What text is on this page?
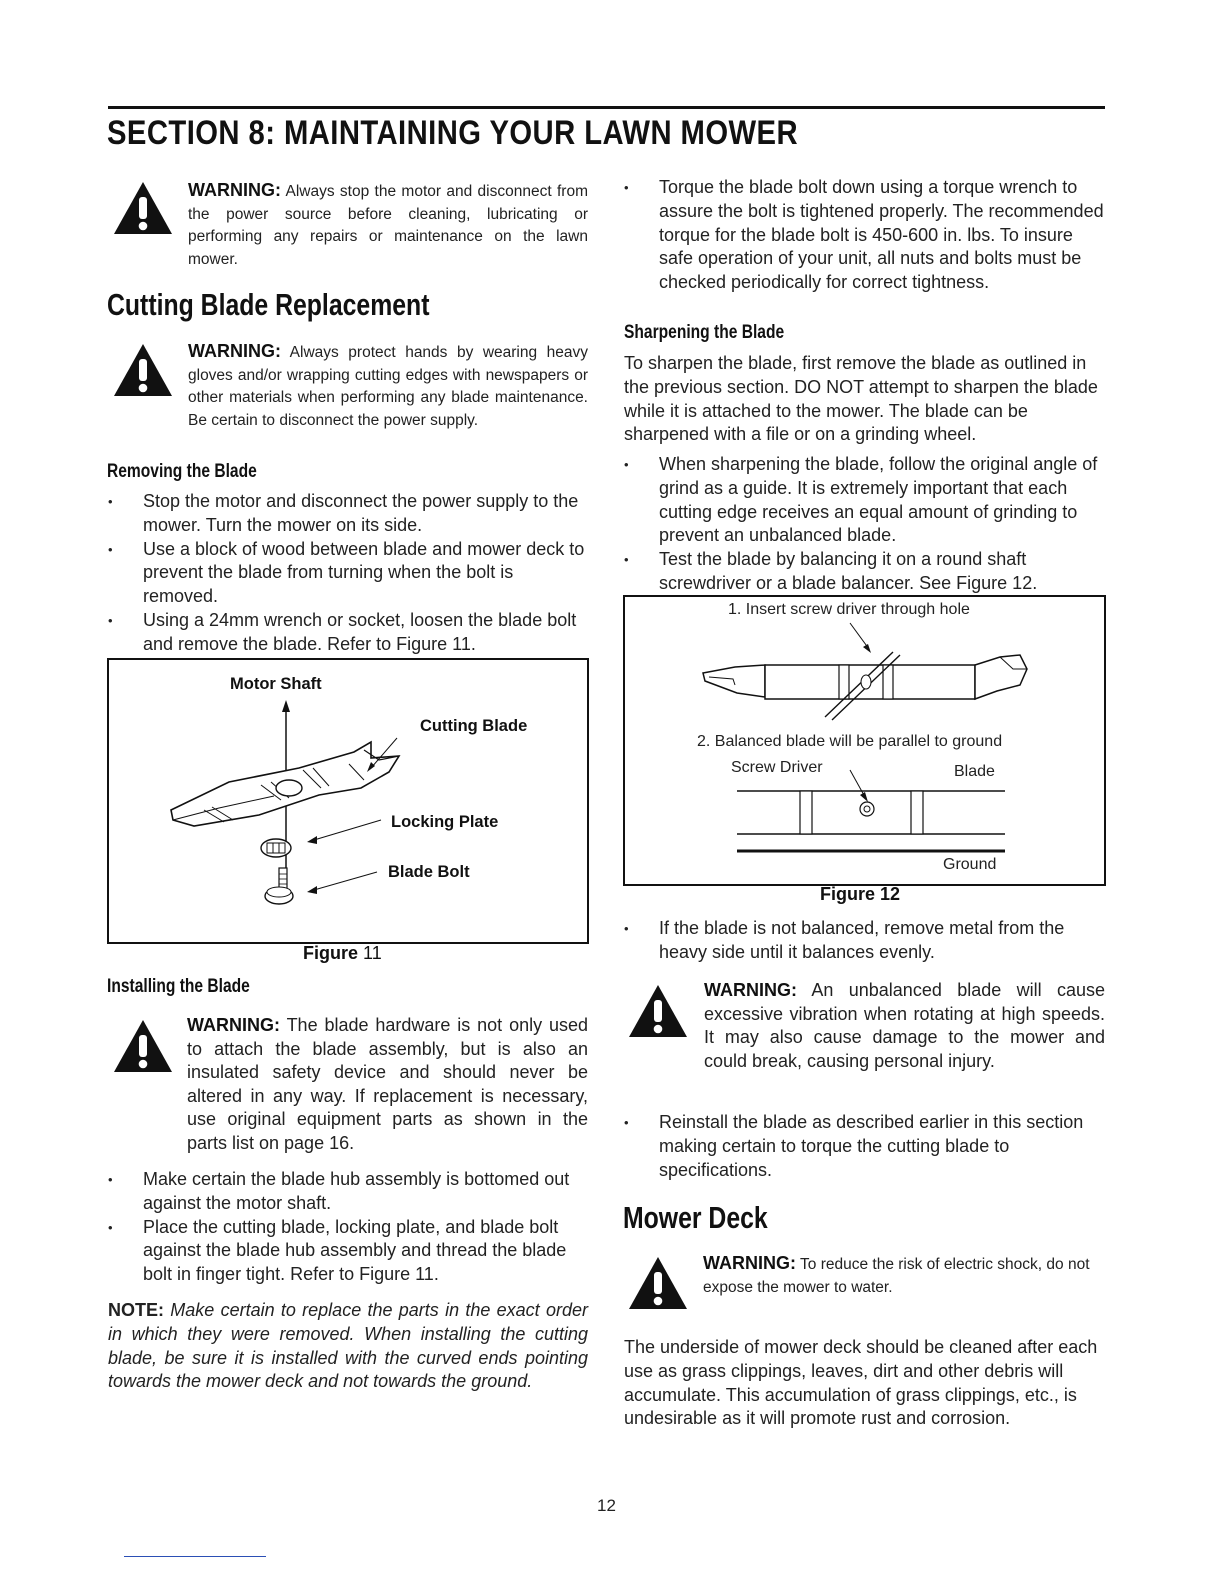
SECTION 8: MAINTAINING YOUR LAWN MOWER
WARNING: Always stop the motor and disconnect from the power source before cleaning, lubricating or performing any repairs or maintenance on the lawn mower.
Cutting Blade Replacement
WARNING: Always protect hands by wearing heavy gloves and/or wrapping cutting edges with newspapers or other materials when performing any blade maintenance. Be certain to disconnect the power supply.
Removing the Blade
• Stop the motor and disconnect the power supply to the mower. Turn the mower on its side.
• Use a block of wood between blade and mower deck to prevent the blade from turning when the bolt is removed.
• Using a 24mm wrench or socket, loosen the blade bolt and remove the blade. Refer to Figure 11.
Motor Shaft
Cutting Blade
Locking Plate
Blade Bolt
Figure 11
Installing the Blade
WARNING: The blade hardware is not only used to attach the blade assembly, but is also an insulated safety device and should never be altered in any way. If replacement is necessary, use original equipment parts as shown in the parts list on page 16.
• Make certain the blade hub assembly is bottomed out against the motor shaft.
• Place the cutting blade, locking plate, and blade bolt against the blade hub assembly and thread the blade bolt in finger tight. Refer to Figure 11.
NOTE: Make certain to replace the parts in the exact order in which they were removed. When installing the cutting blade, be sure it is installed with the curved ends pointing towards the mower deck and not towards the ground.
• Torque the blade bolt down using a torque wrench to assure the bolt is tightened properly. The recommended torque for the blade bolt is 450-600 in. lbs. To insure safe operation of your unit, all nuts and bolts must be checked periodically for correct tightness.
Sharpening the Blade
To sharpen the blade, first remove the blade as outlined in the previous section. DO NOT attempt to sharpen the blade while it is attached to the mower. The blade can be sharpened with a file or on a grinding wheel.
• When sharpening the blade, follow the original angle of grind as a guide. It is extremely important that each cutting edge receives an equal amount of grinding to prevent an unbalanced blade.
• Test the blade by balancing it on a round shaft screwdriver or a blade balancer. See Figure 12.
1. Insert screw driver through hole
2. Balanced blade will be parallel to ground
Screw Driver	Blade
Ground
Figure 12
• If the blade is not balanced, remove metal from the heavy side until it balances evenly.
WARNING: An unbalanced blade will cause excessive vibration when rotating at high speeds. It may also cause damage to the mower and could break, causing personal injury.
• Reinstall the blade as described earlier in this section making certain to torque the cutting blade to specifications.
Mower Deck
WARNING: To reduce the risk of electric shock, do not expose the mower to water.
The underside of mower deck should be cleaned after each use as grass clippings, leaves, dirt and other debris will accumulate. This accumulation of grass clippings, etc., is undesirable as it will promote rust and corrosion.
12
